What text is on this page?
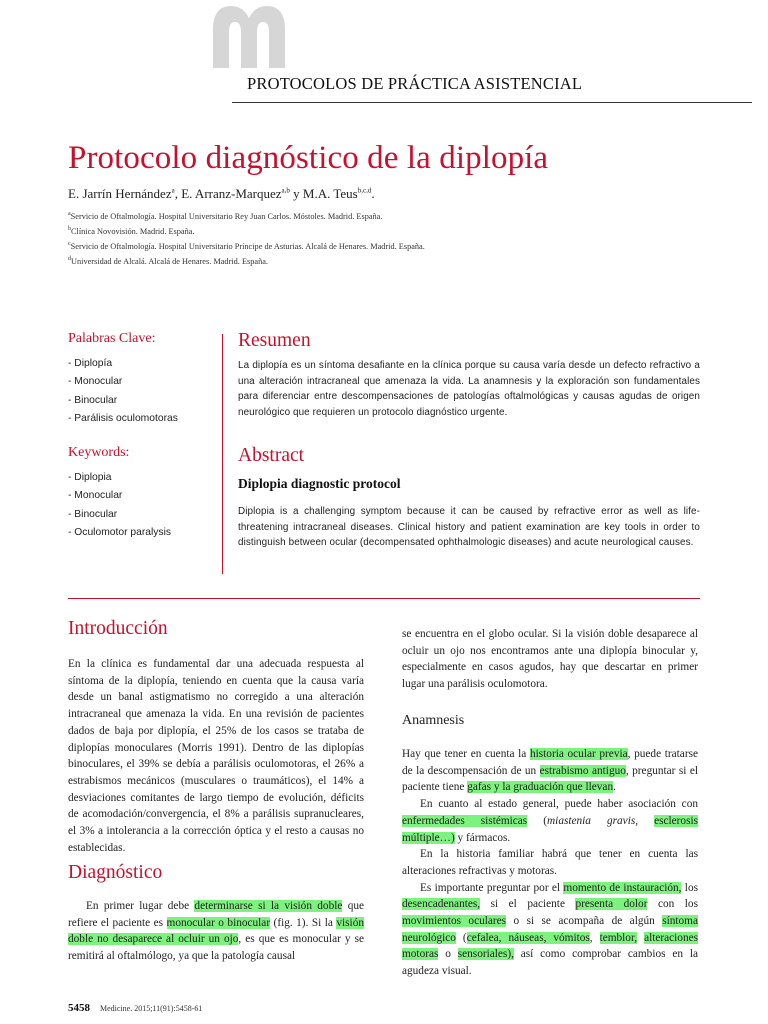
PROTOCOLOS DE PRÁCTICA ASISTENCIAL
Protocolo diagnóstico de la diplopía
E. Jarrín Hernández$^a$, E. Arranz-Marquez$^{a,b}$ y M.A. Teus$^{b,c,d}$.
$^a$Servicio de Oftalmología. Hospital Universitario Rey Juan Carlos. Móstoles. Madrid. España.
$^b$Clínica Novovisión. Madrid. España.
$^c$Servicio de Oftalmología. Hospital Universitario Príncipe de Asturias. Alcalá de Henares. Madrid. España.
$^d$Universidad de Alcalá. Alcalá de Henares. Madrid. España.
Palabras Clave:
- Diplopía
- Monocular
- Binocular
- Parálisis oculomotoras
Keywords:
- Diplopia
- Monocular
- Binocular
- Oculomotor paralysis
Resumen
La diplopía es un síntoma desafiante en la clínica porque su causa varía desde un defecto refractivo a una alteración intracraneal que amenaza la vida. La anamnesis y la exploración son fundamentales para diferenciar entre descompensaciones de patologías oftalmológicas y causas agudas de origen neurológico que requieren un protocolo diagnóstico urgente.
Abstract
Diplopia diagnostic protocol
Diplopia is a challenging symptom because it can be caused by refractive error as well as life-threatening intracraneal diseases. Clinical history and patient examination are key tools in order to distinguish between ocular (decompensated ophthalmologic diseases) and acute neurological causes.
Introducción

En la clínica es fundamental dar una adecuada respuesta al síntoma de la diplopía, teniendo en cuenta que la causa varía desde un banal astigmatismo no corregido a una alteración intracraneal que amenaza la vida. En una revisión de pacientes dados de baja por diplopía, el 25% de los casos se trataba de diplopías monoculares (Morris 1991). Dentro de las diplopías binoculares, el 39% se debía a parálisis oculomotoras, el 26% a estrabismos mecánicos (musculares o traumáticos), el 14% a desviaciones comitantes de largo tiempo de evolución, déficits de acomodación/convergencia, el 8% a parálisis supranucleares, el 3% a intolerancia a la corrección óptica y el resto a causas no establecidas.

Diagnóstico

En primer lugar debe determinarse si la visión doble que refiere el paciente es monocular o binocular (fig. 1). Si la visión doble no desaparece al ocluir un ojo, es que es monocular y se remitirá al oftalmólogo, ya que la patología causal

se encuentra en el globo ocular. Si la visión doble desaparece al ocluir un ojo nos encontramos ante una diplopía binocular y, especialmente en casos agudos, hay que descartar en primer lugar una parálisis oculomotora.

Anamnesis

Hay que tener en cuenta la historia ocular previa, puede tratarse de la descompensación de un estrabismo antiguo, preguntar si el paciente tiene gafas y la graduación que llevan.

En cuanto al estado general, puede haber asociación con enfermedades sistémicas (miastenia gravis, esclerosis múltiple…) y fármacos.

En la historia familiar habrá que tener en cuenta las alteraciones refractivas y motoras.

Es importante preguntar por el momento de instauración, los desencadenantes, si el paciente presenta dolor con los movimientos oculares o si se acompaña de algún síntoma neurológico (cefalea, náuseas, vómitos, temblor, alteraciones motoras o sensoriales), así como comprobar cambios en la agudeza visual.

5458 Medicine. 2015;11(91):5458-61
